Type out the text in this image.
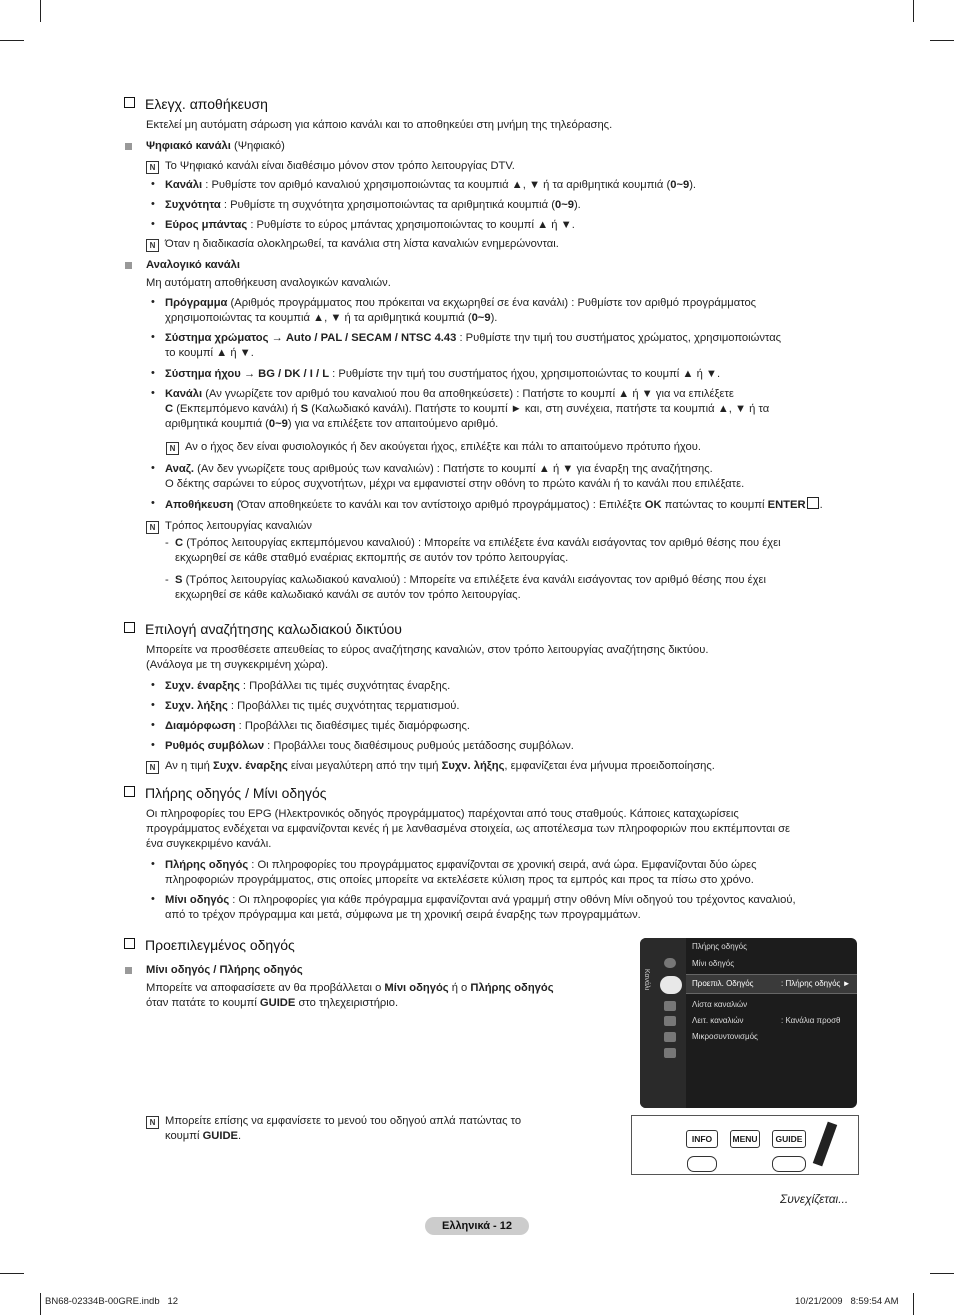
Ελεγχ. αποθήκευση
Εκτελεί μη αυτόματη σάρωση για κάποιο κανάλι και το αποθηκεύει στη μνήμη της τηλεόρασης.
Ψηφιακό κανάλι (Ψηφιακό)
N Το Ψηφιακό κανάλι είναι διαθέσιμο μόνον στον τρόπο λειτουργίας DTV.
• Κανάλι : Ρυθμίστε τον αριθμό καναλιού χρησιμοποιώντας τα κουμπιά ▲, ▼ ή τα αριθμητικά κουμπιά (0~9).
• Συχνότητα : Ρυθμίστε τη συχνότητα χρησιμοποιώντας τα αριθμητικά κουμπιά (0~9).
• Εύρος μπάντας : Ρυθμίστε το εύρος μπάντας χρησιμοποιώντας το κουμπί ▲ ή ▼.
N Όταν η διαδικασία ολοκληρωθεί, τα κανάλια στη λίστα καναλιών ενημερώνονται.
Αναλογικό κανάλι
Μη αυτόματη αποθήκευση αναλογικών καναλιών.
• Πρόγραμμα (Αριθμός προγράμματος που πρόκειται να εκχωρηθεί σε ένα κανάλι) : Ρυθμίστε τον αριθμό προγράμματος
χρησιμοποιώντας τα κουμπιά ▲, ▼ ή τα αριθμητικά κουμπιά (0~9).
• Σύστημα χρώματος → Auto / PAL / SECAM / NTSC 4.43 : Ρυθμίστε την τιμή του συστήματος χρώματος, χρησιμοποιώντας
το κουμπί ▲ ή ▼.
• Σύστημα ήχου → BG / DK / I / L : Ρυθμίστε την τιμή του συστήματος ήχου, χρησιμοποιώντας το κουμπί ▲ ή ▼.
• Κανάλι (Αν γνωρίζετε τον αριθμό του καναλιού που θα αποθηκεύσετε) : Πατήστε το κουμπί ▲ ή ▼ για να επιλέξετε
C (Εκπεμπόμενο κανάλι) ή S (Καλωδιακό κανάλι). Πατήστε το κουμπί ► και, στη συνέχεια, πατήστε τα κουμπιά ▲, ▼ ή τα
αριθμητικά κουμπιά (0~9) για να επιλέξετε τον απαιτούμενο αριθμό.
N Αν ο ήχος δεν είναι φυσιολογικός ή δεν ακούγεται ήχος, επιλέξτε και πάλι το απαιτούμενο πρότυπο ήχου.
• Αναζ. (Αν δεν γνωρίζετε τους αριθμούς των καναλιών) : Πατήστε το κουμπί ▲ ή ▼ για έναρξη της αναζήτησης.
Ο δέκτης σαρώνει το εύρος συχνοτήτων, μέχρι να εμφανιστεί στην οθόνη το πρώτο κανάλι ή το κανάλι που επιλέξατε.
• Αποθήκευση (Όταν αποθηκεύετε το κανάλι και τον αντίστοιχο αριθμό προγράμματος) : Επιλέξτε OK πατώντας το κουμπί ENTER .
N Τρόπος λειτουργίας καναλιών
- C (Τρόπος λειτουργίας εκπεμπόμενου καναλιού) : Μπορείτε να επιλέξετε ένα κανάλι εισάγοντας τον αριθμό θέσης που έχει
εκχωρηθεί σε κάθε σταθμό εναέριας εκπομπής σε αυτόν τον τρόπο λειτουργίας.
- S (Τρόπος λειτουργίας καλωδιακού καναλιού) : Μπορείτε να επιλέξετε ένα κανάλι εισάγοντας τον αριθμό θέσης που έχει
εκχωρηθεί σε κάθε καλωδιακό κανάλι σε αυτόν τον τρόπο λειτουργίας.
Επιλογή αναζήτησης καλωδιακού δικτύου
Μπορείτε να προσθέσετε απευθείας το εύρος αναζήτησης καναλιών, στον τρόπο λειτουργίας αναζήτησης δικτύου.
(Ανάλογα με τη συγκεκριμένη χώρα).
• Συχν. έναρξης : Προβάλλει τις τιμές συχνότητας έναρξης.
• Συχν. λήξης : Προβάλλει τις τιμές συχνότητας τερματισμού.
• Διαμόρφωση : Προβάλλει τις διαθέσιμες τιμές διαμόρφωσης.
• Ρυθμός συμβόλων : Προβάλλει τους διαθέσιμους ρυθμούς μετάδοσης συμβόλων.
N Αν η τιμή Συχν. έναρξης είναι μεγαλύτερη από την τιμή Συχν. λήξης, εμφανίζεται ένα μήνυμα προειδοποίησης.
Πλήρης οδηγός / Μίνι οδηγός
Οι πληροφορίες του EPG (Ηλεκτρονικός οδηγός προγράμματος) παρέχονται από τους σταθμούς. Κάποιες καταχωρίσεις
προγράμματος ενδέχεται να εμφανίζονται κενές ή με λανθασμένα στοιχεία, ως αποτέλεσμα των πληροφοριών που εκπέμπονται σε
ένα συγκεκριμένο κανάλι.
• Πλήρης οδηγός : Οι πληροφορίες του προγράμματος εμφανίζονται σε χρονική σειρά, ανά ώρα. Εμφανίζονται δύο ώρες
πληροφοριών προγράμματος, στις οποίες μπορείτε να εκτελέσετε κύλιση προς τα εμπρός και προς τα πίσω στο χρόνο.
• Μίνι οδηγός : Οι πληροφορίες για κάθε πρόγραμμα εμφανίζονται ανά γραμμή στην οθόνη Μίνι οδηγού του τρέχοντος καναλιού,
από το τρέχον πρόγραμμα και μετά, σύμφωνα με τη χρονική σειρά έναρξης των προγραμμάτων.
Προεπιλεγμένος οδηγός
Μίνι οδηγός / Πλήρης οδηγός
Μπορείτε να αποφασίσετε αν θα προβάλλεται ο Μίνι οδηγός ή ο Πλήρης οδηγός
όταν πατάτε το κουμπί GUIDE στο τηλεχειριστήριο.
N Μπορείτε επίσης να εμφανίσετε το μενού του οδηγού απλά πατώντας το
κουμπί GUIDE.
Κανάλι
Πλήρης οδηγός
Μίνι οδηγός
Προεπιλ. Οδηγός	: Πλήρης οδηγός ►
Λίστα καναλιών
Λειτ. καναλιών	: Κανάλια προσθ
Μικροσυντονισμός
INFO	MENU	GUIDE
Συνεχίζεται...
Ελληνικά - 12
BN68-02334B-00GRE.indb   12	10/21/2009   8:59:54 AM
